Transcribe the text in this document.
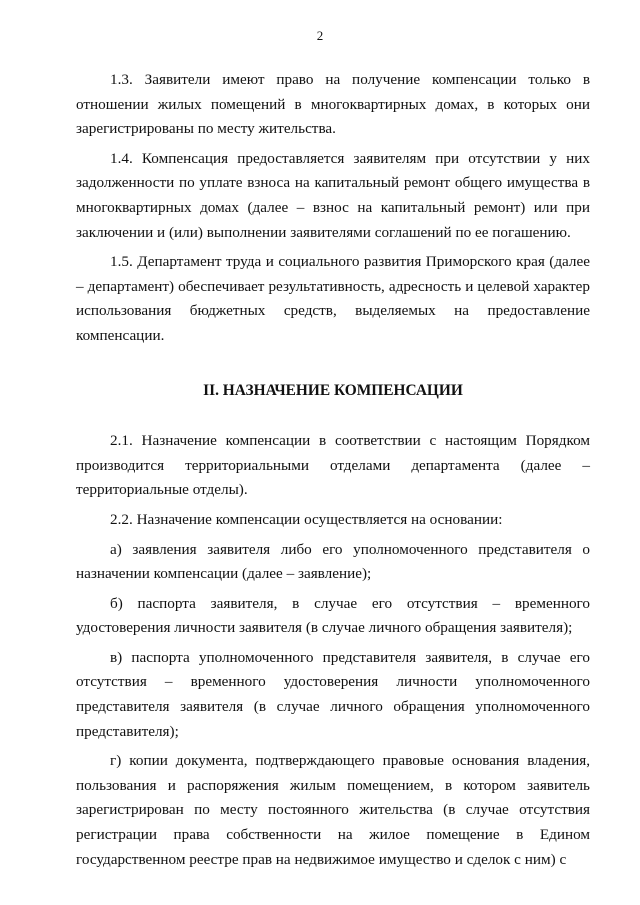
2

1.3. Заявители имеют право на получение компенсации только в отношении жилых помещений в многоквартирных домах, в которых они зарегистрированы по месту жительства.

1.4. Компенсация предоставляется заявителям при отсутствии у них задолженности по уплате взноса на капитальный ремонт общего имущества в многоквартирных домах (далее – взнос на капитальный ремонт) или при заключении и (или) выполнении заявителями соглашений по ее погашению.

1.5. Департамент труда и социального развития Приморского края (далее – департамент) обеспечивает результативность, адресность и целевой характер использования бюджетных средств, выделяемых на предоставление компенсации.

II. НАЗНАЧЕНИЕ КОМПЕНСАЦИИ

2.1. Назначение компенсации в соответствии с настоящим Порядком производится территориальными отделами департамента (далее – территориальные отделы).

2.2. Назначение компенсации осуществляется на основании:

а) заявления заявителя либо его уполномоченного представителя о назначении компенсации (далее – заявление);

б) паспорта заявителя, в случае его отсутствия – временного удостоверения личности заявителя (в случае личного обращения заявителя);

в) паспорта уполномоченного представителя заявителя, в случае его отсутствия – временного удостоверения личности уполномоченного представителя заявителя (в случае личного обращения уполномоченного представителя);

г) копии документа, подтверждающего правовые основания владения, пользования и распоряжения жилым помещением, в котором заявитель зарегистрирован по месту постоянного жительства (в случае отсутствия регистрации права собственности на жилое помещение в Едином государственном реестре прав на недвижимое имущество и сделок с ним) с
